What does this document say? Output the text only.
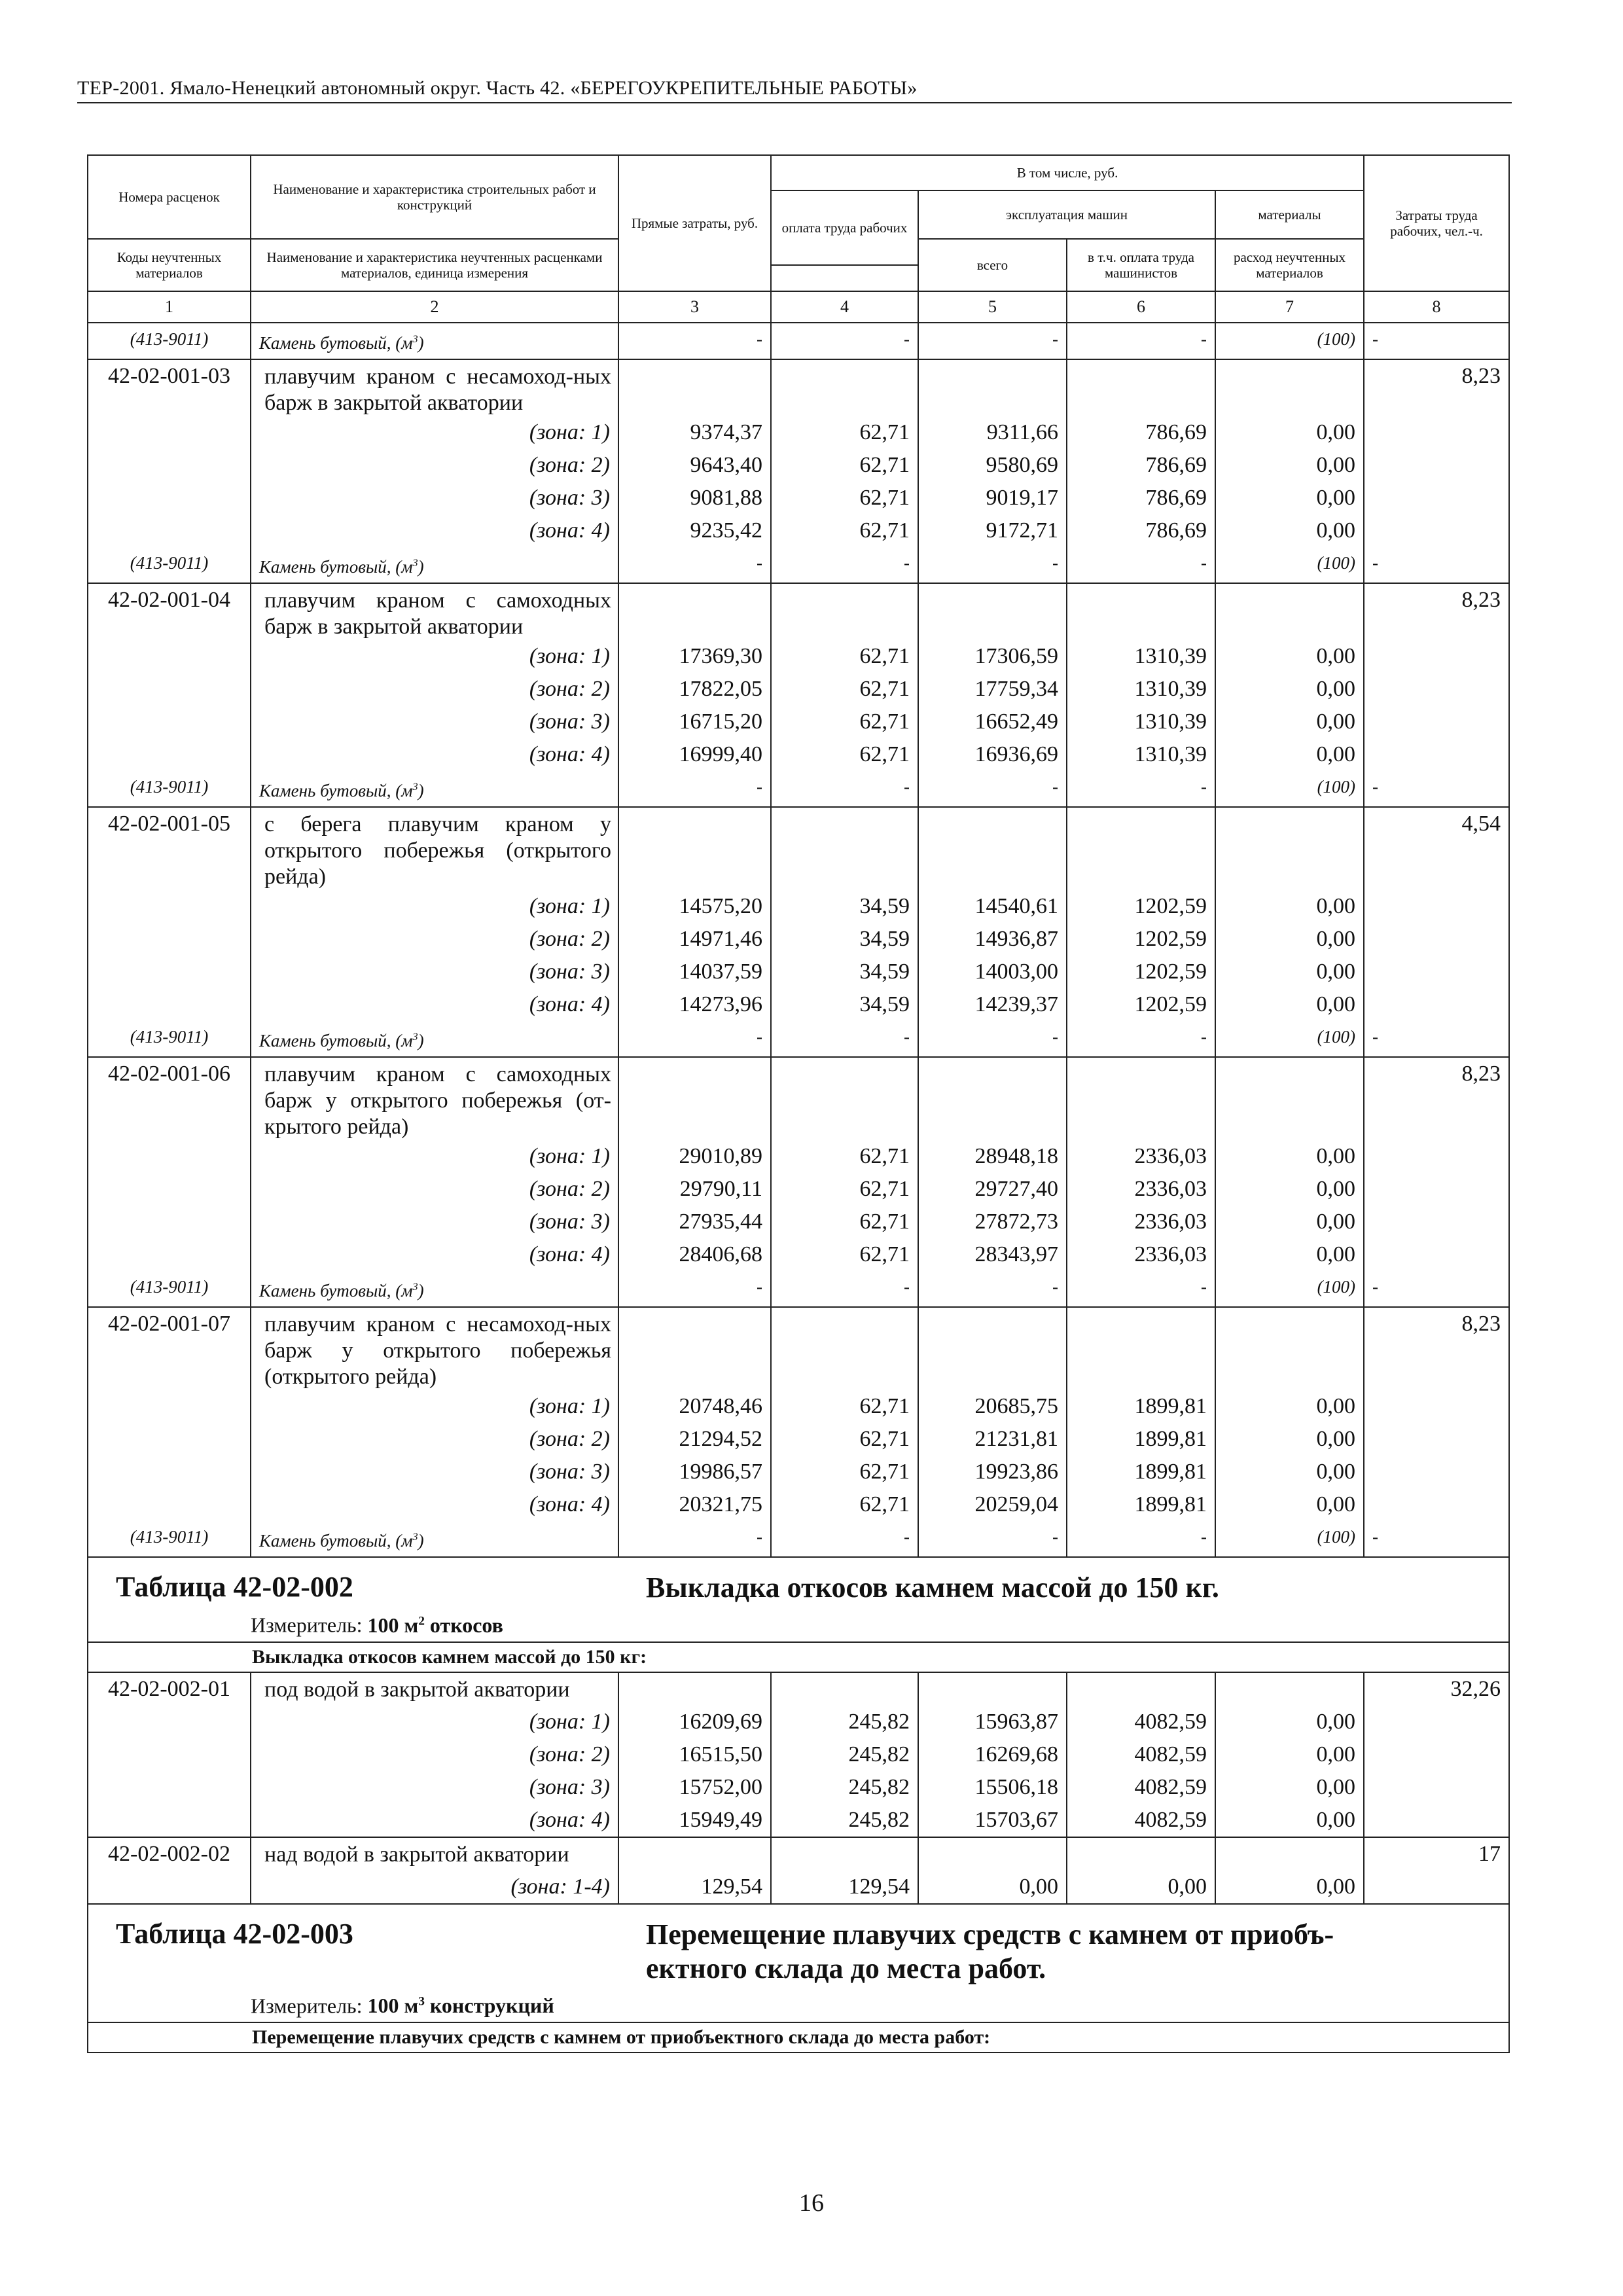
ТЕР-2001. Ямало-Ненецкий автономный округ. Часть 42. «БЕРЕГОУКРЕПИТЕЛЬНЫЕ РАБОТЫ»
Номера расценок	Наименование и характеристика строительных работ и конструкций	Прямые затраты, руб.	В том числе, руб.				Затраты труда рабочих, чел.-ч.
			оплата труда рабочих	эксплуатация машин		материалы	
Коды неучтенных материалов	Наименование и характеристика неучтенных расценками материалов, единица измерения			всего	в т.ч. оплата труда машинистов	расход неучтенных материалов	

1	2	3	4	5	6	7	8
(413-9011)	Камень бутовый, $(м^3)$	-	-	-	-	(100)	-
42-02-001-03	плавучим краном с несамоход-ных барж в закрытой акватории						8,23
	(зона: 1)	9374,37	62,71	9311,66	786,69	0,00	
	(зона: 2)	9643,40	62,71	9580,69	786,69	0,00	
	(зона: 3)	9081,88	62,71	9019,17	786,69	0,00	
	(зона: 4)	9235,42	62,71	9172,71	786,69	0,00	
(413-9011)	Камень бутовый, $(м^3)$	-	-	-	-	(100)	-
42-02-001-04	плавучим краном с самоходных барж в закрытой акватории						8,23
	(зона: 1)	17369,30	62,71	17306,59	1310,39	0,00	
	(зона: 2)	17822,05	62,71	17759,34	1310,39	0,00	
	(зона: 3)	16715,20	62,71	16652,49	1310,39	0,00	
	(зона: 4)	16999,40	62,71	16936,69	1310,39	0,00	
(413-9011)	Камень бутовый, $(м^3)$	-	-	-	-	(100)	-
42-02-001-05	с берега плавучим краном у открытого побережья (открытого рейда)						4,54
	(зона: 1)	14575,20	34,59	14540,61	1202,59	0,00	
	(зона: 2)	14971,46	34,59	14936,87	1202,59	0,00	
	(зона: 3)	14037,59	34,59	14003,00	1202,59	0,00	
	(зона: 4)	14273,96	34,59	14239,37	1202,59	0,00	
(413-9011)	Камень бутовый, $(м^3)$	-	-	-	-	(100)	-
42-02-001-06	плавучим краном с самоходных барж у открытого побережья (от-крытого рейда)						8,23
	(зона: 1)	29010,89	62,71	28948,18	2336,03	0,00	
	(зона: 2)	29790,11	62,71	29727,40	2336,03	0,00	
	(зона: 3)	27935,44	62,71	27872,73	2336,03	0,00	
	(зона: 4)	28406,68	62,71	28343,97	2336,03	0,00	
(413-9011)	Камень бутовый, $(м^3)$	-	-	-	-	(100)	-
42-02-001-07	плавучим краном с несамоход-ных барж у открытого побережья (открытого рейда)						8,23
	(зона: 1)	20748,46	62,71	20685,75	1899,81	0,00	
	(зона: 2)	21294,52	62,71	21231,81	1899,81	0,00	
	(зона: 3)	19986,57	62,71	19923,86	1899,81	0,00	
	(зона: 4)	20321,75	62,71	20259,04	1899,81	0,00	
(413-9011)	Камень бутовый, $(м^3)$	-	-	-	-	(100)	-

Таблица 42-02-002 Выкладка откосов камнем массой до 150 кг.
Измеритель: 100 $м^2$ откосов							

Выкладка откосов камнем массой до 150 кг:							
42-02-002-01	под водой в закрытой акватории						32,26
	(зона: 1)	16209,69	245,82	15963,87	4082,59	0,00	
	(зона: 2)	16515,50	245,82	16269,68	4082,59	0,00	
	(зона: 3)	15752,00	245,82	15506,18	4082,59	0,00	
	(зона: 4)	15949,49	245,82	15703,67	4082,59	0,00	
42-02-002-02	над водой в закрытой акватории						17
	(зона: 1-4)	129,54	129,54	0,00	0,00	0,00	

Таблица 42-02-003 Перемещение плавучих средств с камнем от приобъ-
ектного склада до места работ.
Измеритель: 100 $м^3$ конструкций							

Перемещение плавучих средств с камнем от приобъектного склада до места работ:							
16
